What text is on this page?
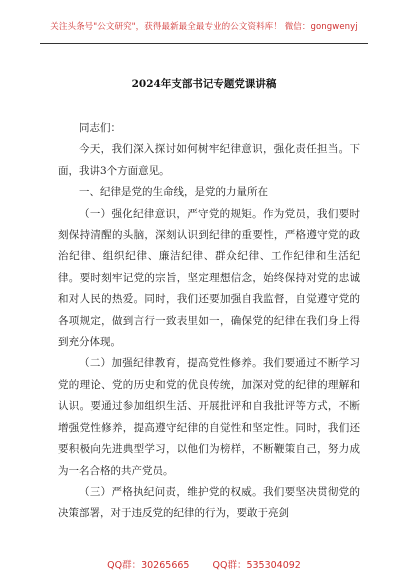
关注头条号"公文研究"，获得最新最全最专业的公文资料库！ 微信：gongwenyj
2024年支部书记专题党课讲稿

同志们：

今天，我们深入探讨如何树牢纪律意识，强化责任担当。下面，我讲3个方面意见。

一、纪律是党的生命线，是党的力量所在

（一）强化纪律意识，严守党的规矩。作为党员，我们要时刻保持清醒的头脑，深刻认识到纪律的重要性，严格遵守党的政治纪律、组织纪律、廉洁纪律、群众纪律、工作纪律和生活纪律。要时刻牢记党的宗旨，坚定理想信念，始终保持对党的忠诚和对人民的热爱。同时，我们还要加强自我监督，自觉遵守党的各项规定，做到言行一致表里如一，确保党的纪律在我们身上得到充分体现。

（二）加强纪律教育，提高党性修养。我们要通过不断学习党的理论、党的历史和党的优良传统，加深对党的纪律的理解和认识。要通过参加组织生活、开展批评和自我批评等方式，不断增强党性修养，提高遵守纪律的自觉性和坚定性。同时，我们还要积极向先进典型学习，以他们为榜样，不断鞭策自己，努力成为一名合格的共产党员。

（三）严格执纪问责，维护党的权威。我们要坚决贯彻党的决策部署，对于违反党的纪律的行为，要敢于亮剑

QQ群：30265665 QQ群：535304092
